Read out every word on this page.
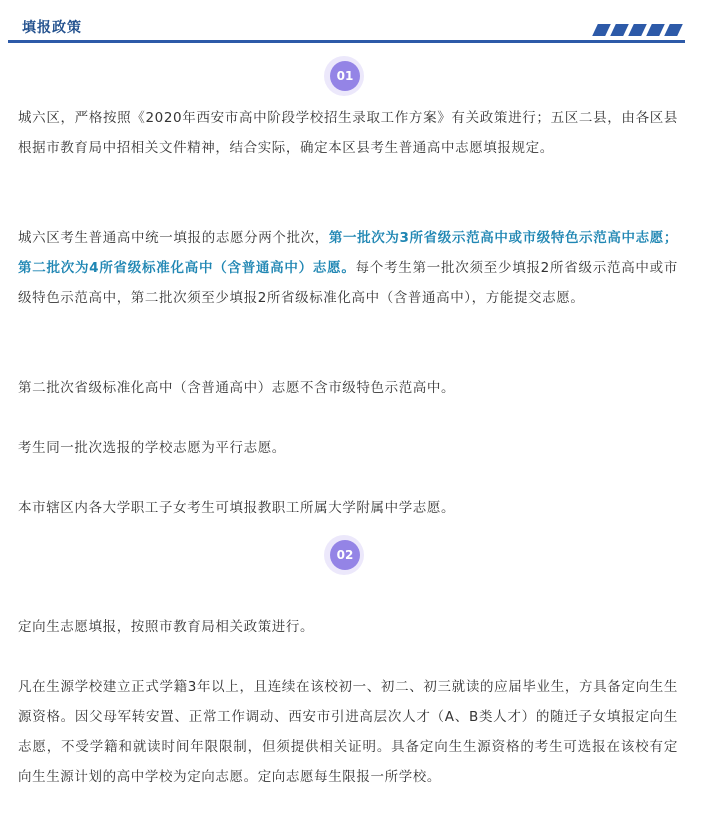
填报政策
01

城六区，严格按照《2020年西安市高中阶段学校招生录取工作方案》有关政策进行；五区二县，由各区县根据市教育局中招相关文件精神，结合实际，确定本区县考生普通高中志愿填报规定。

城六区考生普通高中统一填报的志愿分两个批次，第一批次为3所省级示范高中或市级特色示范高中志愿；第二批次为4所省级标准化高中（含普通高中）志愿。每个考生第一批次须至少填报2所省级示范高中或市级特色示范高中，第二批次须至少填报2所省级标准化高中（含普通高中），方能提交志愿。

第二批次省级标准化高中（含普通高中）志愿不含市级特色示范高中。

考生同一批次选报的学校志愿为平行志愿。

本市辖区内各大学职工子女考生可填报教职工所属大学附属中学志愿。

02

定向生志愿填报，按照市教育局相关政策进行。

凡在生源学校建立正式学籍3年以上，且连续在该校初一、初二、初三就读的应届毕业生，方具备定向生生源资格。因父母军转安置、正常工作调动、西安市引进高层次人才（A、B类人才）的随迁子女填报定向生志愿，不受学籍和就读时间年限限制，但须提供相关证明。具备定向生生源资格的考生可选报在该校有定向生生源计划的高中学校为定向志愿。定向志愿每生限报一所学校。
